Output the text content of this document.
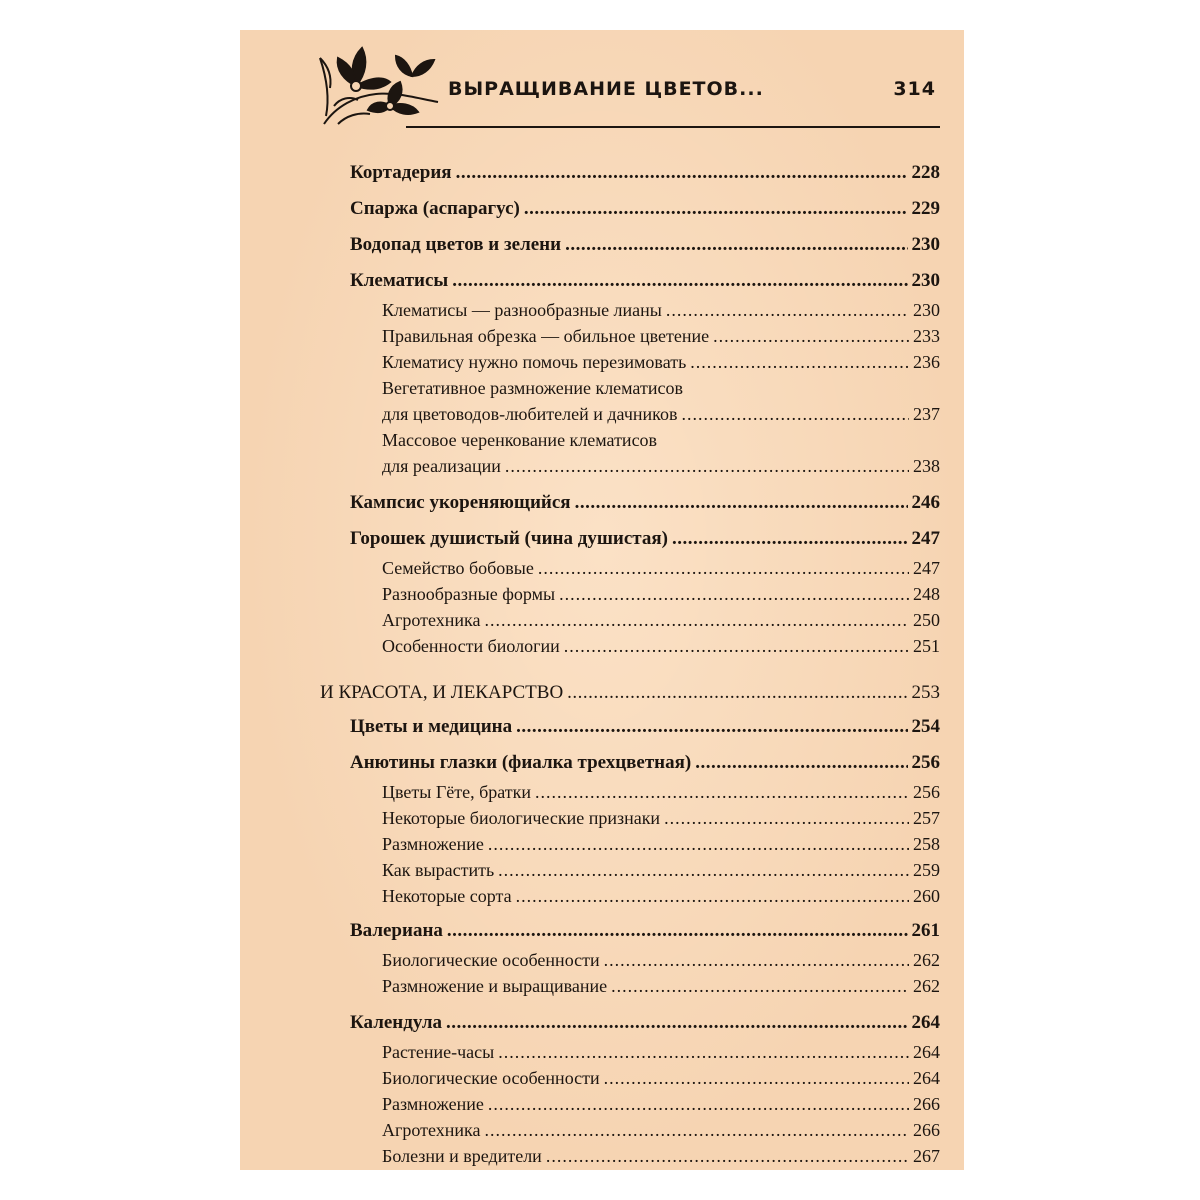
ВЫРАЩИВАНИЕ ЦВЕТОВ...	314
Кортадерия .....	228
Спаржа (аспарагус) .....	229
Водопад цветов и зелени .....	230
Клематисы .....	230
Клематисы — разнообразные лианы .....	230
Правильная обрезка — обильное цветение .....	233
Клематису нужно помочь перезимовать .....	236
Вегетативное размножение клематисов
для цветоводов-любителей и дачников .....	237
Массовое черенкование клематисов
для реализации .....	238
Кампсис укореняющийся .....	246
Горошек душистый (чина душистая) .....	247
Семейство бобовые .....	247
Разнообразные формы .....	248
Агротехника .....	250
Особенности биологии .....	251
И КРАСОТА, И ЛЕКАРСТВО .....	253
Цветы и медицина .....	254
Анютины глазки (фиалка трехцветная) .....	256
Цветы Гёте, братки .....	256
Некоторые биологические признаки .....	257
Размножение .....	258
Как вырастить .....	259
Некоторые сорта .....	260
Валериана .....	261
Биологические особенности .....	262
Размножение и выращивание .....	262
Календула .....	264
Растение-часы .....	264
Биологические особенности .....	264
Размножение .....	266
Агротехника .....	266
Болезни и вредители .....	267
